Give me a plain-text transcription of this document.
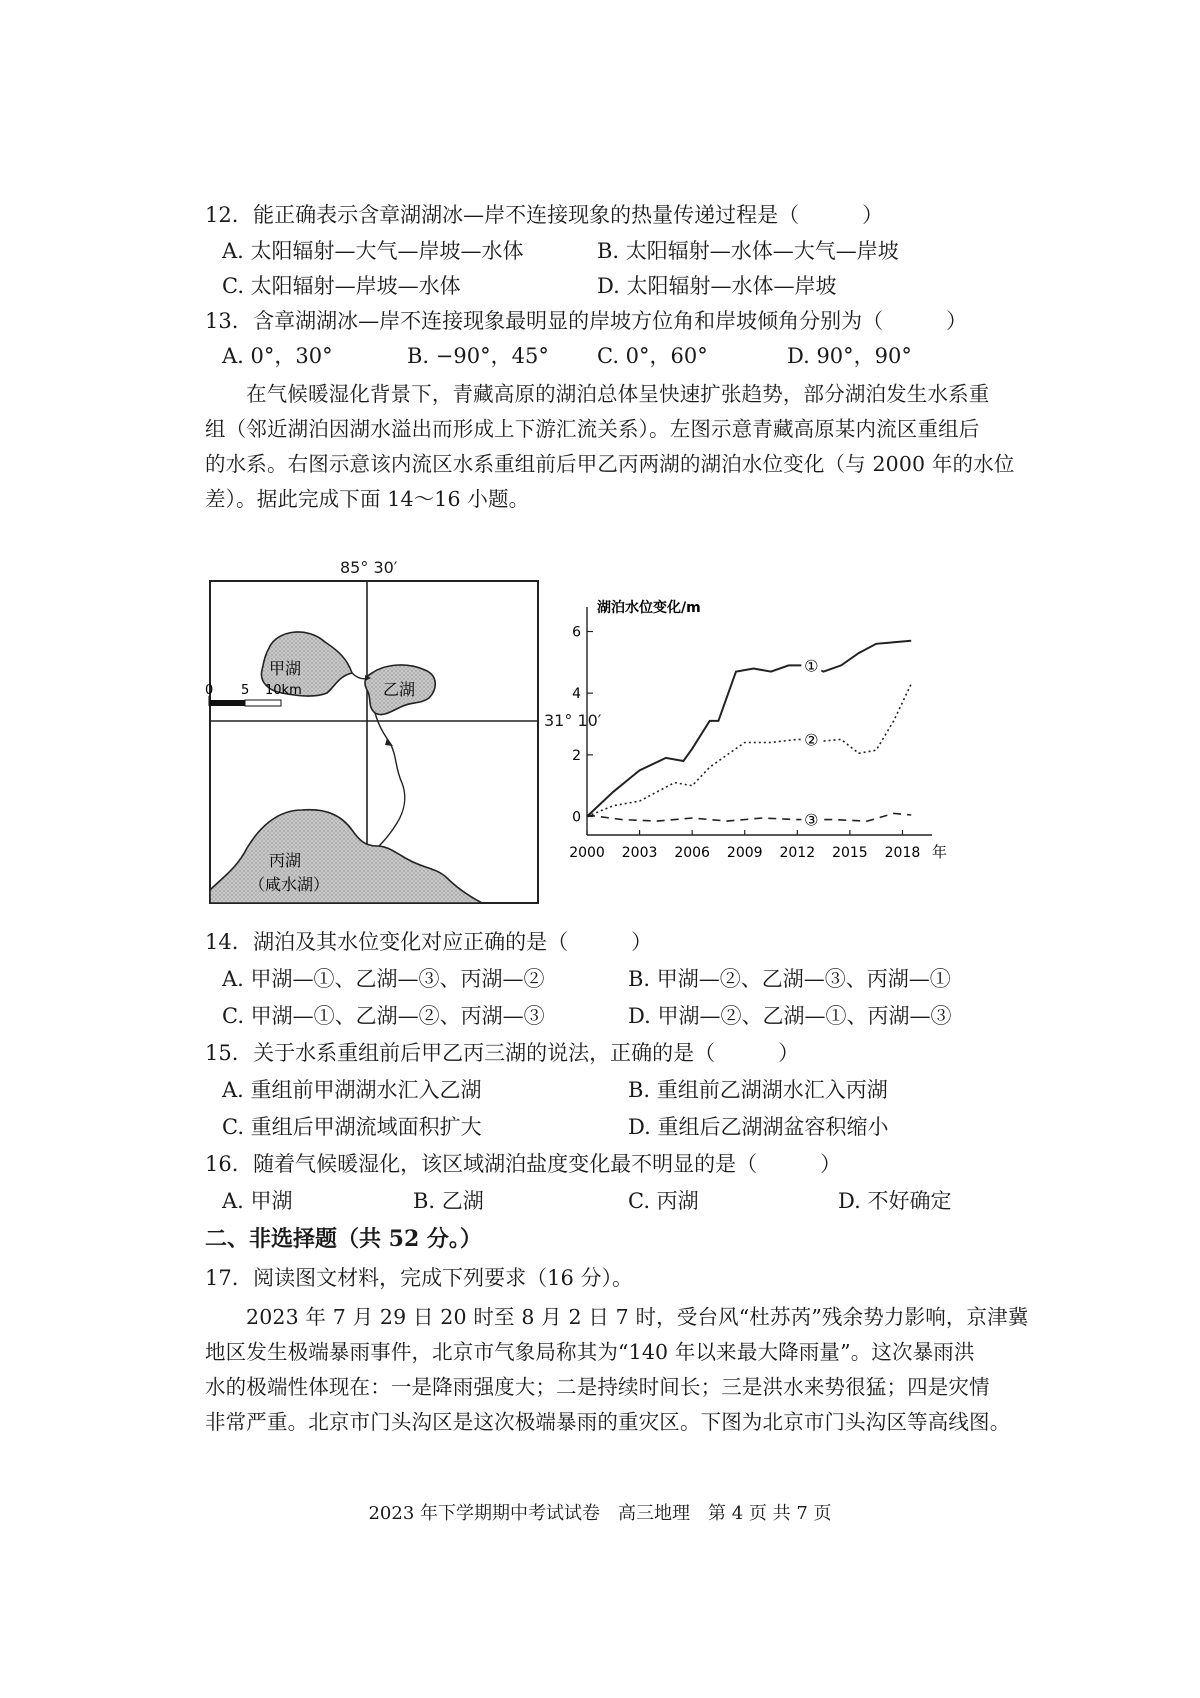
12. 能正确表示含章湖湖冰—岸不连接现象的热量传递过程是（　　　）
A. 太阳辐射—大气—岸坡—水体	B. 太阳辐射—水体—大气—岸坡
C. 太阳辐射—岸坡—水体	D. 太阳辐射—水体—岸坡
13. 含章湖湖冰—岸不连接现象最明显的岸坡方位角和岸坡倾角分别为（　　　）
A. 0°，30°	B. −90°，45° C. 0°，60°	D. 90°，90°
在气候暖湿化背景下，青藏高原的湖泊总体呈快速扩张趋势，部分湖泊发生水系重
组（邻近湖泊因湖水溢出而形成上下游汇流关系）。左图示意青藏高原某内流区重组后
的水系。右图示意该内流区水系重组前后甲乙丙两湖的湖泊水位变化（与 2000 年的水位
差）。据此完成下面 14～16 小题。
0 5 10km
甲湖
乙湖
丙湖
（咸水湖）
85° 30′
31° 10′
湖泊水位变化/m
①
②
③
0
2
4
6
2000 2003 2006 2009 2012 2015 2018 年
14. 湖泊及其水位变化对应正确的是（　　　）
A. 甲湖—①、乙湖—③、丙湖—②	B. 甲湖—②、乙湖—③、丙湖—①
C. 甲湖—①、乙湖—②、丙湖—③	D. 甲湖—②、乙湖—①、丙湖—③
15. 关于水系重组前后甲乙丙三湖的说法，正确的是（　　　）
A. 重组前甲湖湖水汇入乙湖	B. 重组前乙湖湖水汇入丙湖
C. 重组后甲湖流域面积扩大	D. 重组后乙湖湖盆容积缩小
16. 随着气候暖湿化，该区域湖泊盐度变化最不明显的是（　　　）
A. 甲湖	B. 乙湖	C. 丙湖	D. 不好确定
二、非选择题（共 52 分。）
17. 阅读图文材料，完成下列要求（16 分）。
2023 年 7 月 29 日 20 时至 8 月 2 日 7 时，受台风“杜苏芮”残余势力影响，京津冀
地区发生极端暴雨事件，北京市气象局称其为“140 年以来最大降雨量”。这次暴雨洪
水的极端性体现在：一是降雨强度大；二是持续时间长；三是洪水来势很猛；四是灾情
非常严重。北京市门头沟区是这次极端暴雨的重灾区。下图为北京市门头沟区等高线图。
2023 年下学期期中考试试卷　高三地理　第 4 页 共 7 页
